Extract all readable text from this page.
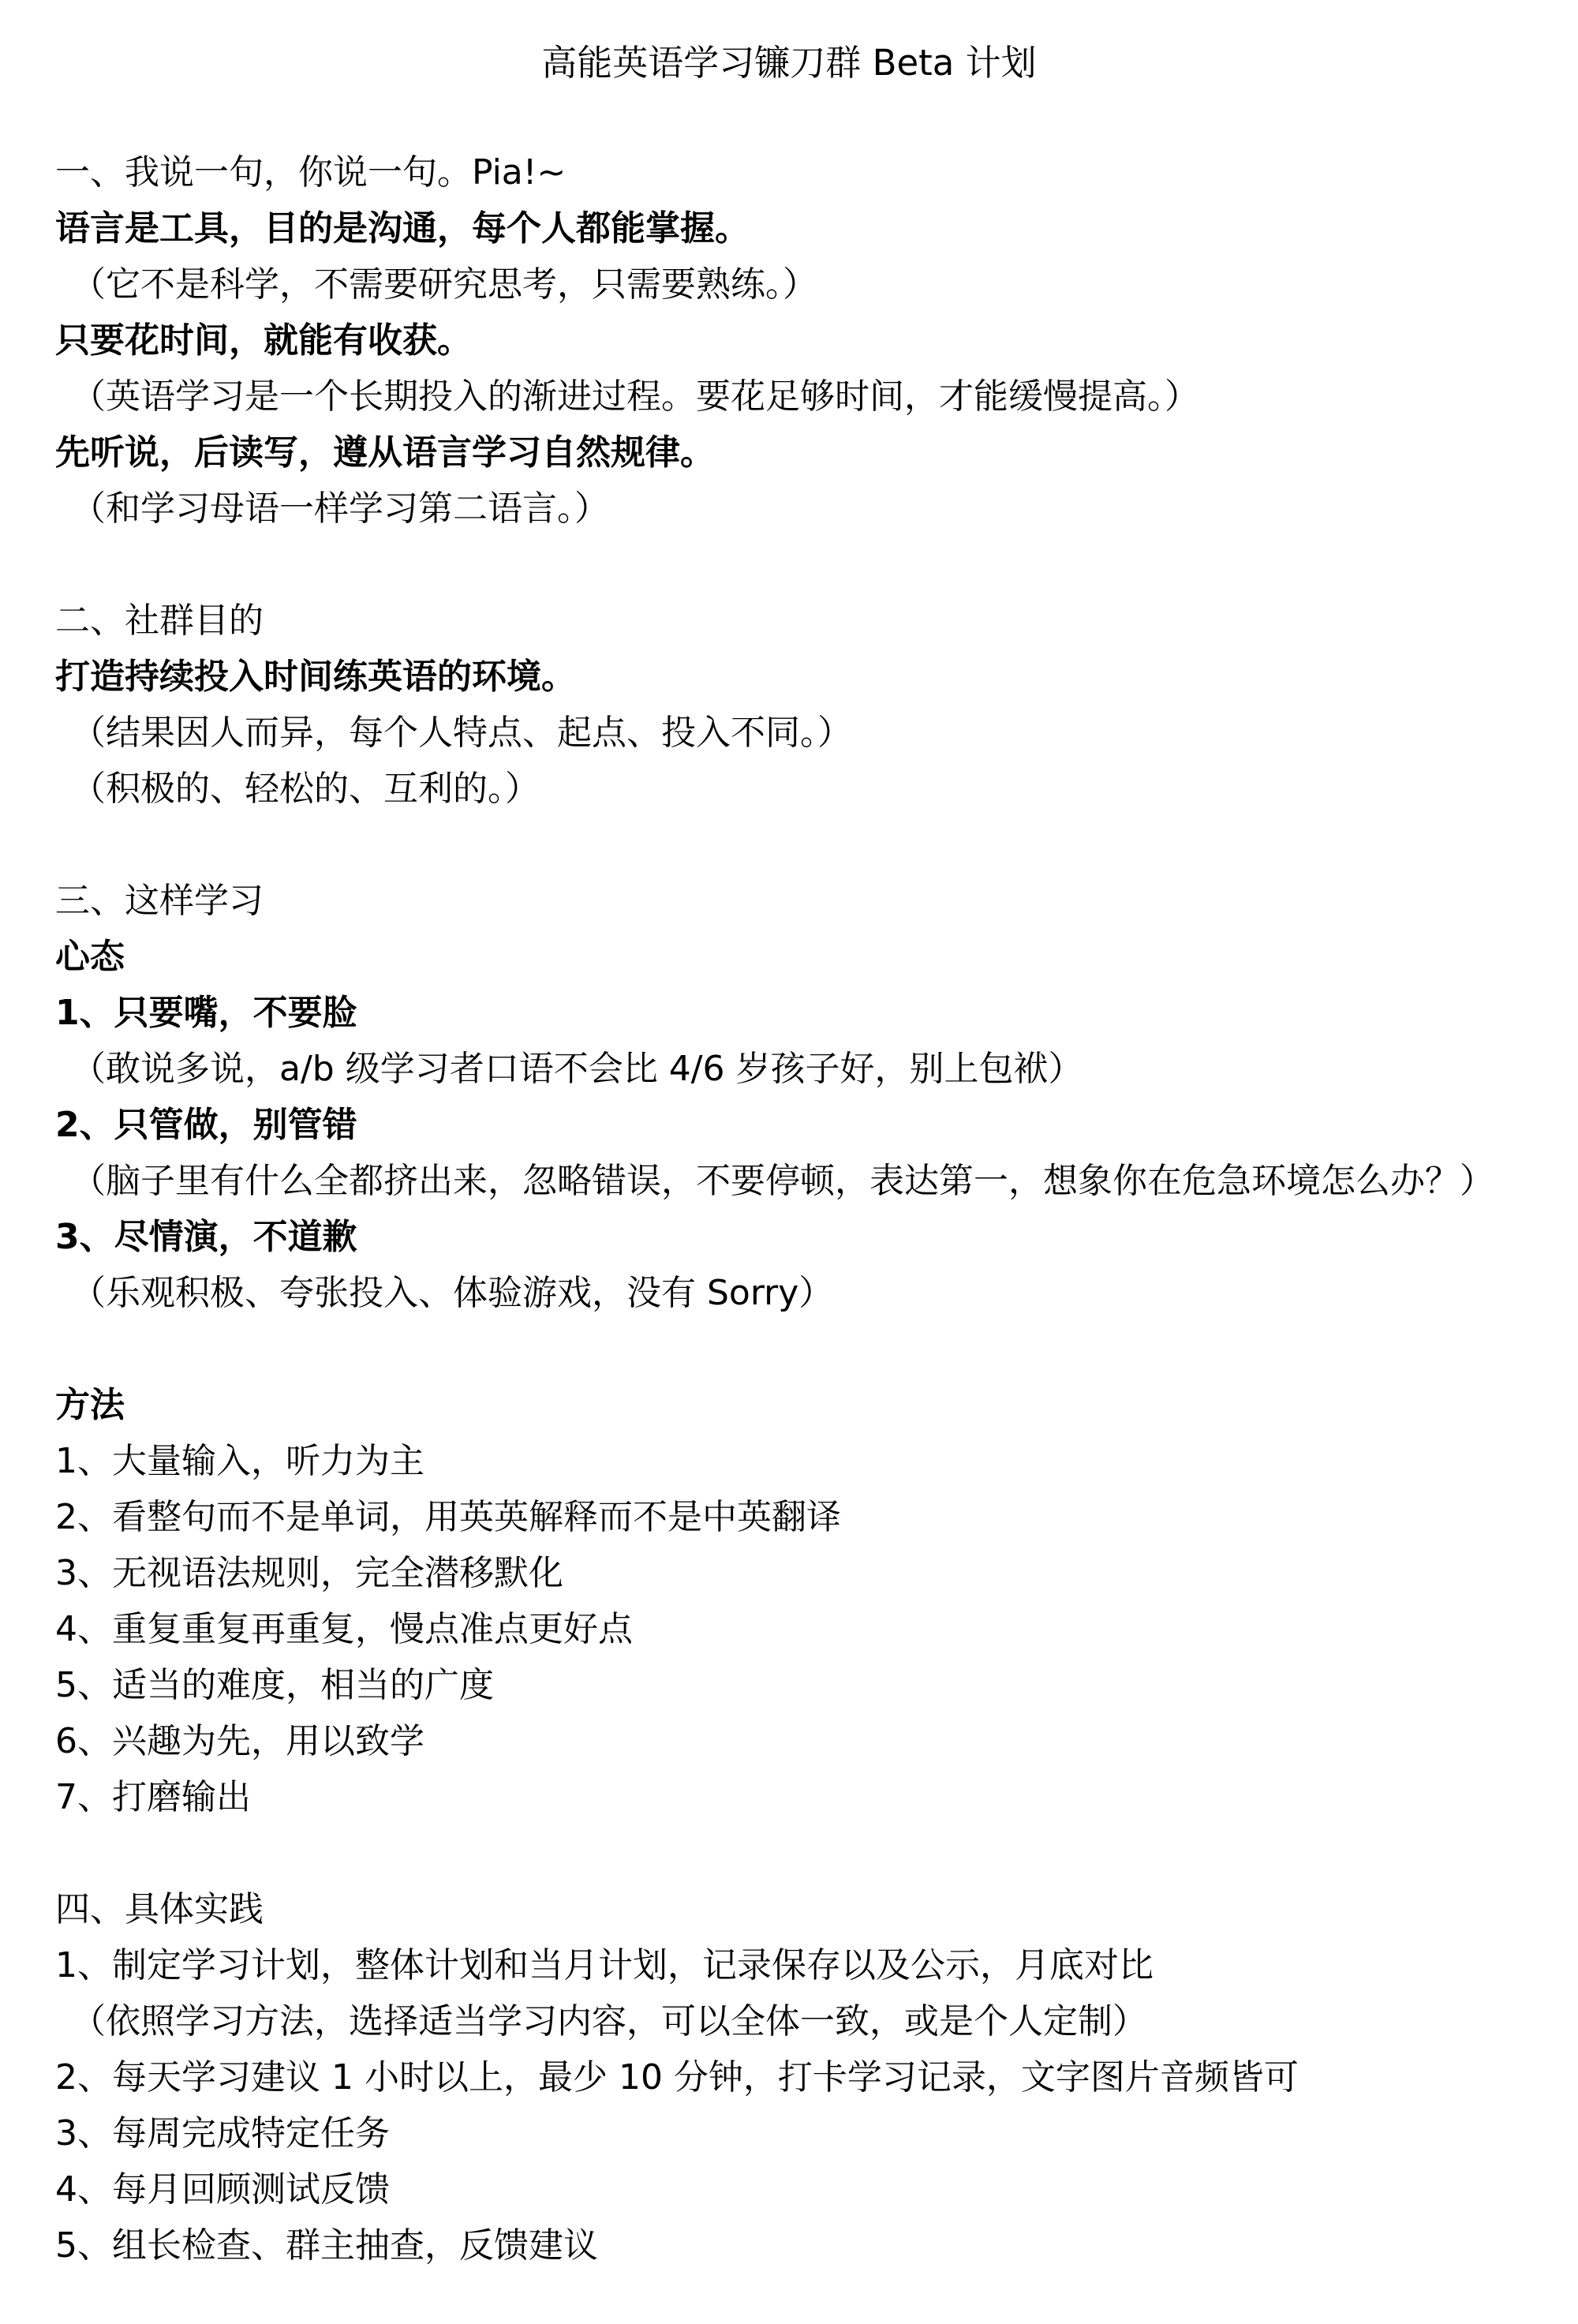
高能英语学习镰刀群 Beta 计划
一、我说一句，你说一句。Pia!~
语言是工具，目的是沟通，每个人都能掌握。
（它不是科学，不需要研究思考，只需要熟练。）
只要花时间，就能有收获。
（英语学习是一个长期投入的渐进过程。要花足够时间，才能缓慢提高。）
先听说，后读写，遵从语言学习自然规律。
（和学习母语一样学习第二语言。）
二、社群目的
打造持续投入时间练英语的环境。
（结果因人而异，每个人特点、起点、投入不同。）
（积极的、轻松的、互利的。）
三、这样学习
心态
1、只要嘴，不要脸
（敢说多说，a/b 级学习者口语不会比 4/6 岁孩子好，别上包袱）
2、只管做，别管错
（脑子里有什么全都挤出来，忽略错误，不要停顿，表达第一，想象你在危急环境怎么办？）
3、尽情演，不道歉
（乐观积极、夸张投入、体验游戏，没有 Sorry）
方法
1、大量输入，听力为主
2、看整句而不是单词，用英英解释而不是中英翻译
3、无视语法规则，完全潜移默化
4、重复重复再重复，慢点准点更好点
5、适当的难度，相当的广度
6、兴趣为先，用以致学
7、打磨输出
四、具体实践
1、制定学习计划，整体计划和当月计划，记录保存以及公示，月底对比
（依照学习方法，选择适当学习内容，可以全体一致，或是个人定制）
2、每天学习建议 1 小时以上，最少 10 分钟，打卡学习记录，文字图片音频皆可
3、每周完成特定任务
4、每月回顾测试反馈
5、组长检查、群主抽查，反馈建议
